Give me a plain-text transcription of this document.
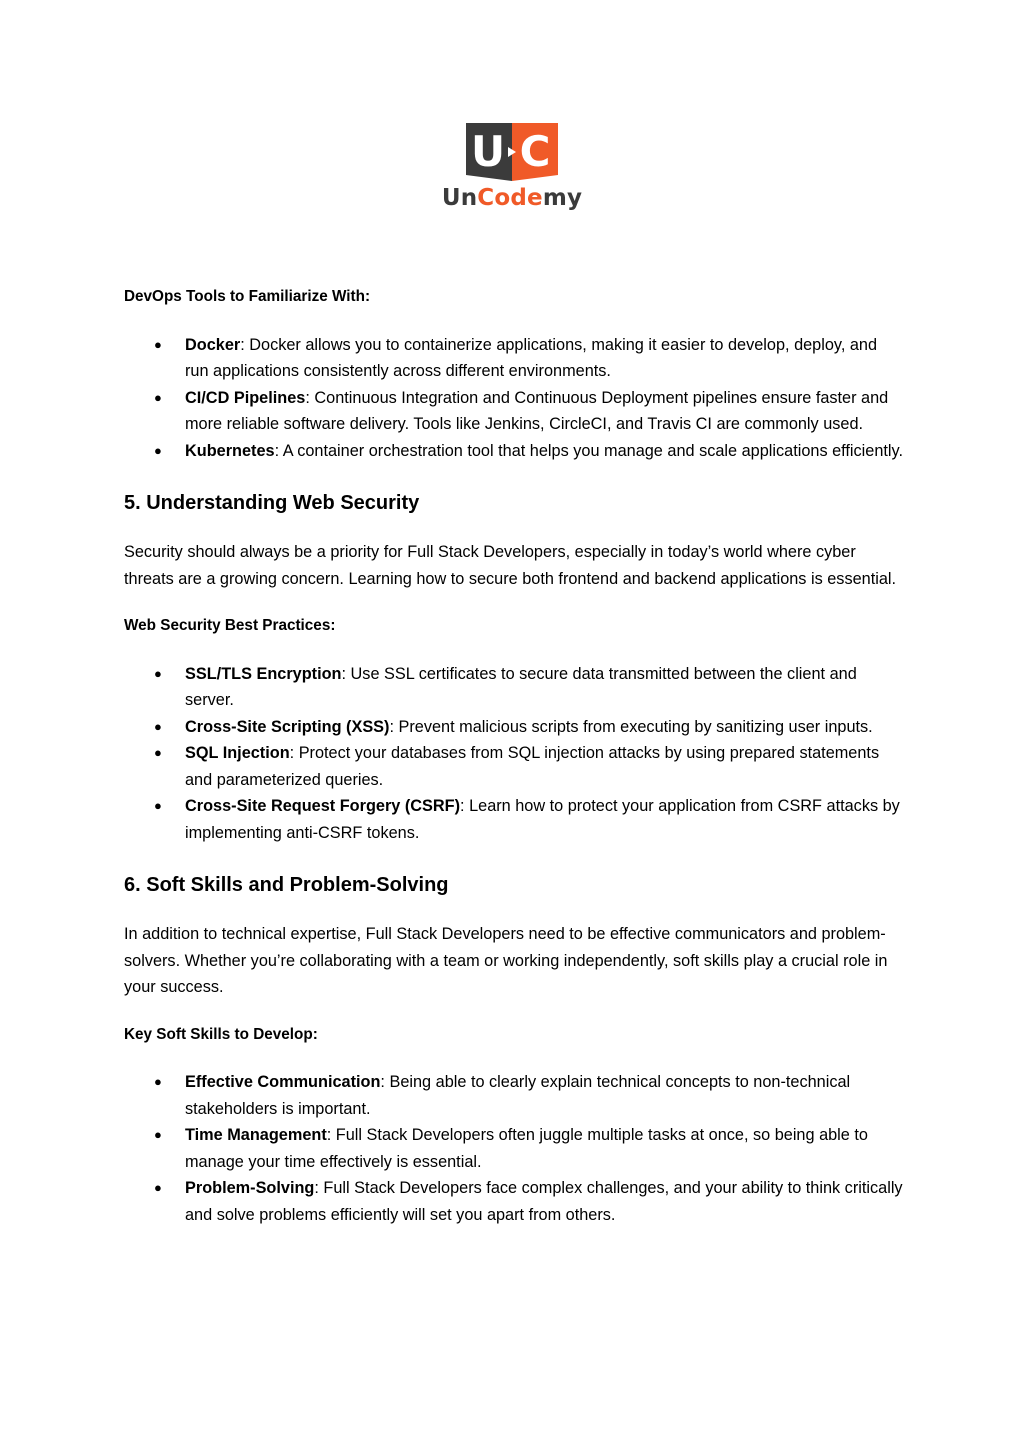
U C
UnCodemy

DevOps Tools to Familiarize With:

● Docker: Docker allows you to containerize applications, making it easier to develop, deploy, and run applications consistently across different environments.
● CI/CD Pipelines: Continuous Integration and Continuous Deployment pipelines ensure faster and more reliable software delivery. Tools like Jenkins, CircleCI, and Travis CI are commonly used.
● Kubernetes: A container orchestration tool that helps you manage and scale applications efficiently.
5. Understanding Web Security

Security should always be a priority for Full Stack Developers, especially in today’s world where cyber threats are a growing concern. Learning how to secure both frontend and backend applications is essential.

Web Security Best Practices:

● SSL/TLS Encryption: Use SSL certificates to secure data transmitted between the client and server.
● Cross-Site Scripting (XSS): Prevent malicious scripts from executing by sanitizing user inputs.
● SQL Injection: Protect your databases from SQL injection attacks by using prepared statements and parameterized queries.
● Cross-Site Request Forgery (CSRF): Learn how to protect your application from CSRF attacks by implementing anti-CSRF tokens.
6. Soft Skills and Problem-Solving

In addition to technical expertise, Full Stack Developers need to be effective communicators and problem-solvers. Whether you’re collaborating with a team or working independently, soft skills play a crucial role in your success.

Key Soft Skills to Develop:

● Effective Communication: Being able to clearly explain technical concepts to non-technical stakeholders is important.
● Time Management: Full Stack Developers often juggle multiple tasks at once, so being able to manage your time effectively is essential.
● Problem-Solving: Full Stack Developers face complex challenges, and your ability to think critically and solve problems efficiently will set you apart from others.
